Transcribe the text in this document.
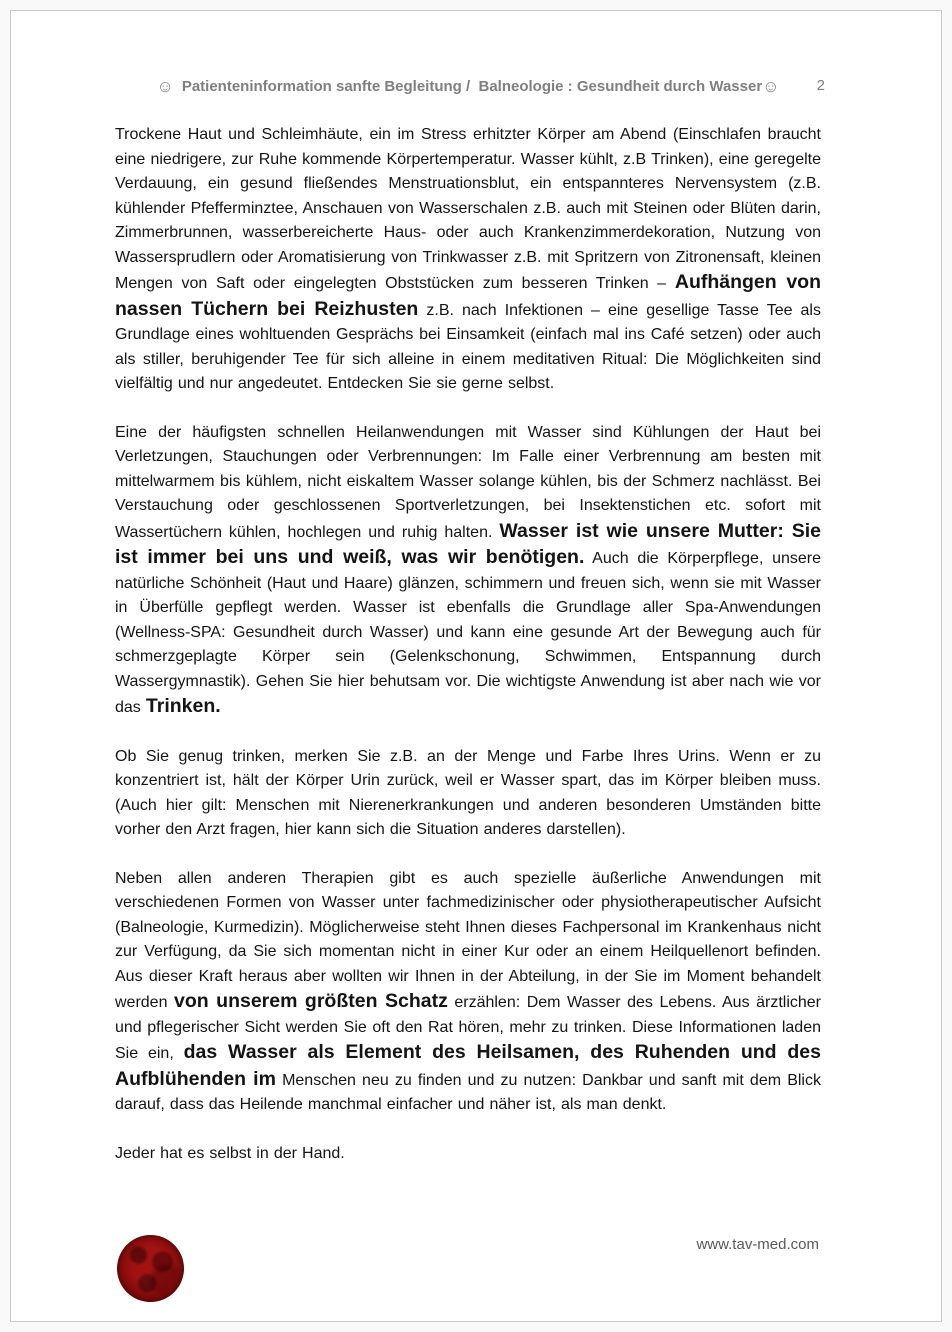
☺ Patienteninformation sanfte Begleitung /  Balneologie : Gesundheit durch Wasser☺	2

Trockene Haut und Schleimhäute, ein im Stress erhitzter Körper am Abend (Einschlafen braucht eine niedrigere, zur Ruhe kommende Körpertemperatur. Wasser kühlt, z.B Trinken), eine geregelte Verdauung, ein gesund fließendes Menstruationsblut, ein entspannteres Nervensystem (z.B. kühlender Pfefferminztee, Anschauen von Wasserschalen z.B. auch mit Steinen oder Blüten darin, Zimmerbrunnen, wasserbereicherte Haus- oder auch Krankenzimmerdekoration, Nutzung von Wassersprudlern oder Aromatisierung von Trinkwasser z.B. mit Spritzern von Zitronensaft, kleinen Mengen von Saft oder eingelegten Obststücken zum besseren Trinken – Aufhängen von nassen Tüchern bei Reizhusten z.B. nach Infektionen – eine gesellige Tasse Tee als Grundlage eines wohltuenden Gesprächs bei Einsamkeit (einfach mal ins Café setzen) oder auch als stiller, beruhigender Tee für sich alleine in einem meditativen Ritual: Die Möglichkeiten sind vielfältig und nur angedeutet. Entdecken Sie sie gerne selbst.

Eine der häufigsten schnellen Heilanwendungen mit Wasser sind Kühlungen der Haut bei Verletzungen, Stauchungen oder Verbrennungen: Im Falle einer Verbrennung am besten mit mittelwarmem bis kühlem, nicht eiskaltem Wasser solange kühlen, bis der Schmerz nachlässt. Bei Verstauchung oder geschlossenen Sportverletzungen, bei Insektenstichen etc. sofort mit Wassertüchern kühlen, hochlegen und ruhig halten. Wasser ist wie unsere Mutter: Sie ist immer bei uns und weiß, was wir benötigen. Auch die Körperpflege, unsere natürliche Schönheit (Haut und Haare) glänzen, schimmern und freuen sich, wenn sie mit Wasser in Überfülle gepflegt werden. Wasser ist ebenfalls die Grundlage aller Spa-Anwendungen (Wellness-SPA: Gesundheit durch Wasser) und kann eine gesunde Art der Bewegung auch für schmerzgeplagte Körper sein (Gelenkschonung, Schwimmen, Entspannung durch Wassergymnastik). Gehen Sie hier behutsam vor. Die wichtigste Anwendung ist aber nach wie vor das Trinken.

Ob Sie genug trinken, merken Sie z.B. an der Menge und Farbe Ihres Urins. Wenn er zu konzentriert ist, hält der Körper Urin zurück, weil er Wasser spart, das im Körper bleiben muss. (Auch hier gilt: Menschen mit Nierenerkrankungen und anderen besonderen Umständen bitte vorher den Arzt fragen, hier kann sich die Situation anderes darstellen).

Neben allen anderen Therapien gibt es auch spezielle äußerliche Anwendungen mit verschiedenen Formen von Wasser unter fachmedizinischer oder physiotherapeutischer Aufsicht (Balneologie, Kurmedizin). Möglicherweise steht Ihnen dieses Fachpersonal im Krankenhaus nicht zur Verfügung, da Sie sich momentan nicht in einer Kur oder an einem Heilquellenort befinden. Aus dieser Kraft heraus aber wollten wir Ihnen in der Abteilung, in der Sie im Moment behandelt werden von unserem größten Schatz erzählen: Dem Wasser des Lebens. Aus ärztlicher und pflegerischer Sicht werden Sie oft den Rat hören, mehr zu trinken. Diese Informationen laden Sie ein, das Wasser als Element des Heilsamen, des Ruhenden und des Aufblühenden im Menschen neu zu finden und zu nutzen: Dankbar und sanft mit dem Blick darauf, dass das Heilende manchmal einfacher und näher ist, als man denkt.

Jeder hat es selbst in der Hand.

www.tav-med.com
